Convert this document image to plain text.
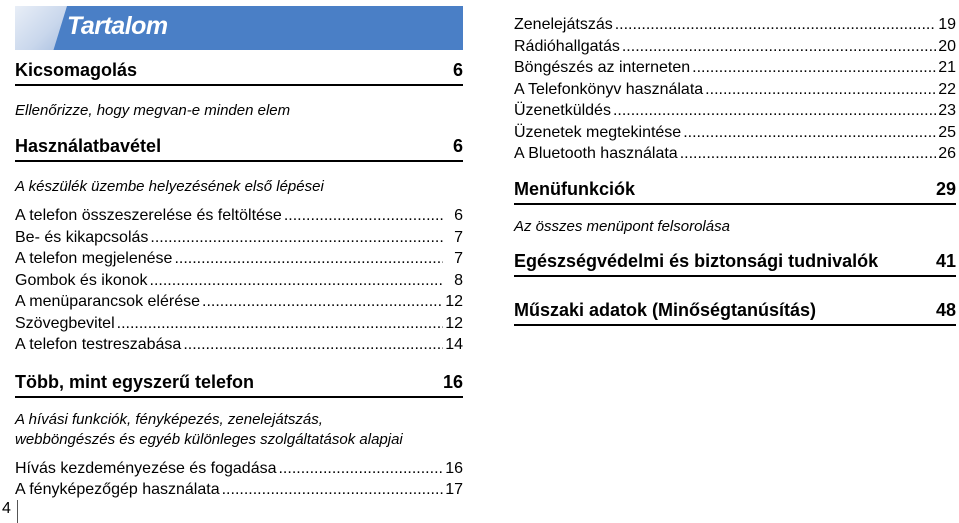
Tartalom
Kicsomagolás	6
Ellenőrizze, hogy megvan-e minden elem
Használatbavétel	6
A készülék üzembe helyezésének első lépései
A telefon összeszerelése és feltöltése .....	6
Be- és kikapcsolás .....	7
A telefon megjelenése .....	7
Gombok és ikonok .....	8
A menüparancsok elérése .....	12
Szövegbevitel .....	12
A telefon testreszabása .....	14
Több, mint egyszerű telefon	16
A hívási funkciók, fényképezés, zenelejátszás,
webböngészés és egyéb különleges szolgáltatások alapjai
Hívás kezdeményezése és fogadása .....	16
A fényképezőgép használata .....	17
Zenelejátszás .....	19
Rádióhallgatás .....	20
Böngészés az interneten .....	21
A Telefonkönyv használata .....	22
Üzenetküldés .....	23
Üzenetek megtekintése .....	25
A Bluetooth használata .....	26
Menüfunkciók	29
Az összes menüpont felsorolása
Egészségvédelmi és biztonsági tudnivalók	41
Műszaki adatok (Minőségtanúsítás)	48
4
